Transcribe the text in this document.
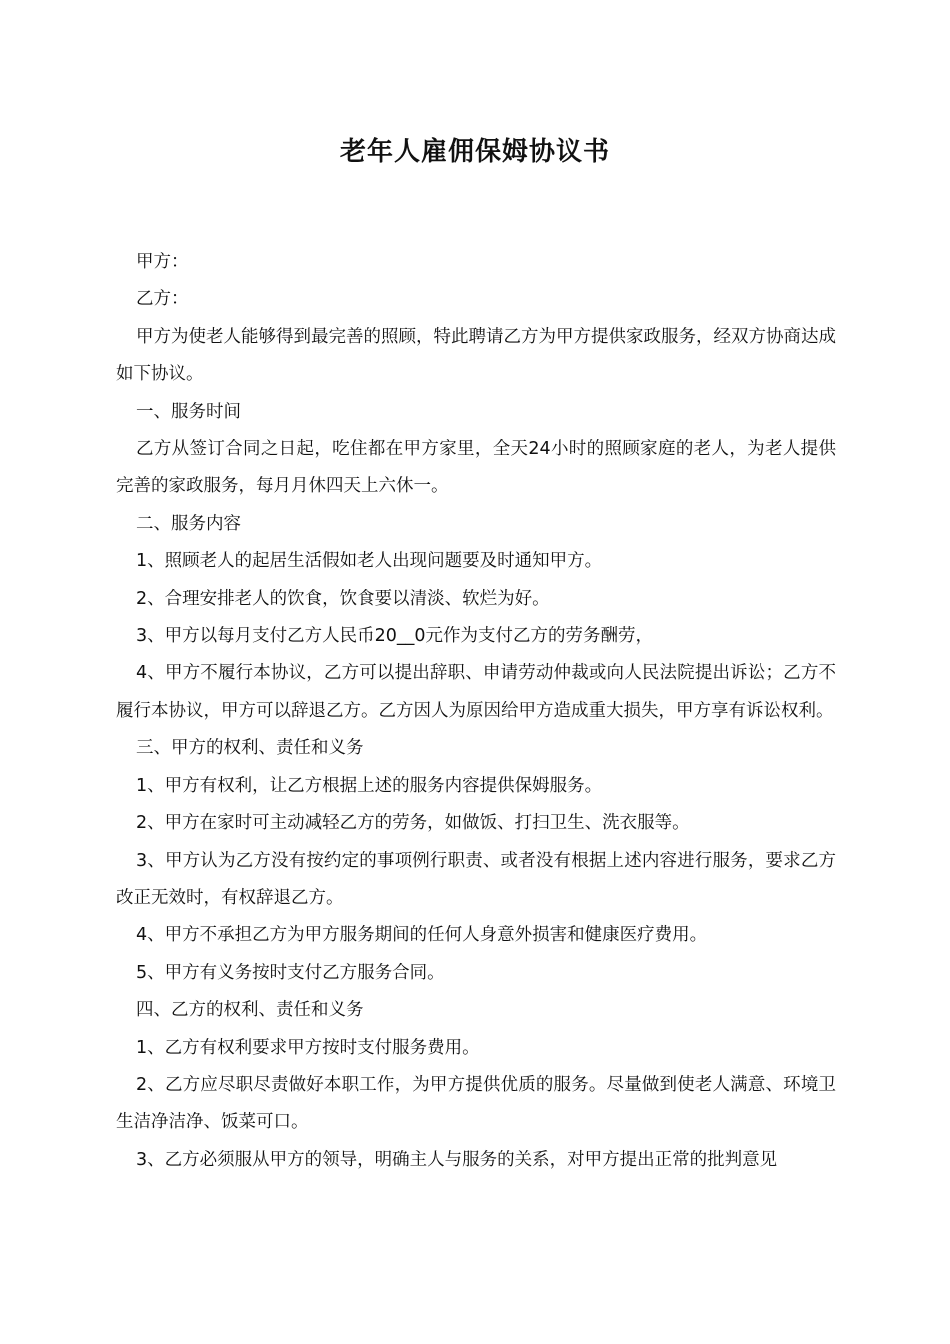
老年人雇佣保姆协议书

甲方：

乙方：

甲方为使老人能够得到最完善的照顾，特此聘请乙方为甲方提供家政服务，经双方协商达成如下协议。

一、服务时间

乙方从签订合同之日起，吃住都在甲方家里，全天24小时的照顾家庭的老人，为老人提供完善的家政服务，每月月休四天上六休一。

二、服务内容

1、照顾老人的起居生活假如老人出现问题要及时通知甲方。

2、合理安排老人的饮食，饮食要以清淡、软烂为好。

3、甲方以每月支付乙方人民币20__0元作为支付乙方的劳务酬劳，

4、甲方不履行本协议，乙方可以提出辞职、申请劳动仲裁或向人民法院提出诉讼；乙方不履行本协议，甲方可以辞退乙方。乙方因人为原因给甲方造成重大损失，甲方享有诉讼权利。

三、甲方的权利、责任和义务

1、甲方有权利，让乙方根据上述的服务内容提供保姆服务。

2、甲方在家时可主动减轻乙方的劳务，如做饭、打扫卫生、洗衣服等。

3、甲方认为乙方没有按约定的事项例行职责、或者没有根据上述内容进行服务，要求乙方改正无效时，有权辞退乙方。

4、甲方不承担乙方为甲方服务期间的任何人身意外损害和健康医疗费用。

5、甲方有义务按时支付乙方服务合同。

四、乙方的权利、责任和义务

1、乙方有权利要求甲方按时支付服务费用。

2、乙方应尽职尽责做好本职工作，为甲方提供优质的服务。尽量做到使老人满意、环境卫生洁净洁净、饭菜可口。

3、乙方必须服从甲方的领导，明确主人与服务的关系，对甲方提出正常的批判意见
